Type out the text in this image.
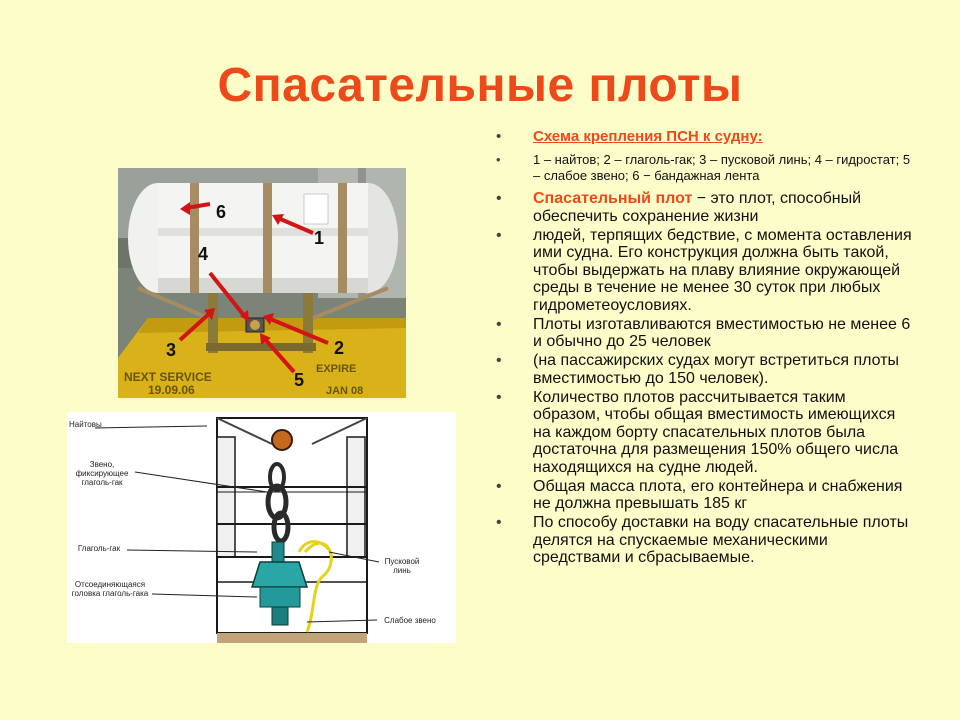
Спасательные плоты
NEXT SERVICE
19.09.06
EXPIRE
JAN 08
6
1
4
3	2
5
Найтовы
Звено, фиксирующее глаголь-гак
Глаголь-гак
Отсоединяющаяся головка глаголь-гака
Пусковой линь
Слабое звено
• Схема крепления ПСН к судну:
• 1 – найтов; 2 – глаголь-гак; 3 – пусковой линь; 4 – гидростат; 5 – слабое звено; 6 − бандажная лента
• Спасательный плот − это плот, способный обеспечить сохранение жизни
• людей, терпящих бедствие, с момента оставления ими судна. Его конструкция должна быть такой, чтобы выдержать на плаву влияние окружающей среды в течение не менее 30 суток при любых гидрометеоусловиях.
• Плоты изготавливаются вместимостью не менее 6 и обычно до 25 человек
• (на пассажирских судах могут встретиться плоты вместимостью до 150 человек).
• Количество плотов рассчитывается таким образом, чтобы общая вместимость имеющихся на каждом борту спасательных плотов была достаточна для размещения 150% общего числа находящихся на судне людей.
• Общая масса плота, его контейнера и снабжения не должна превышать 185 кг
• По способу доставки на воду спасательные плоты делятся на спускаемые механическими средствами и сбрасываемые.
